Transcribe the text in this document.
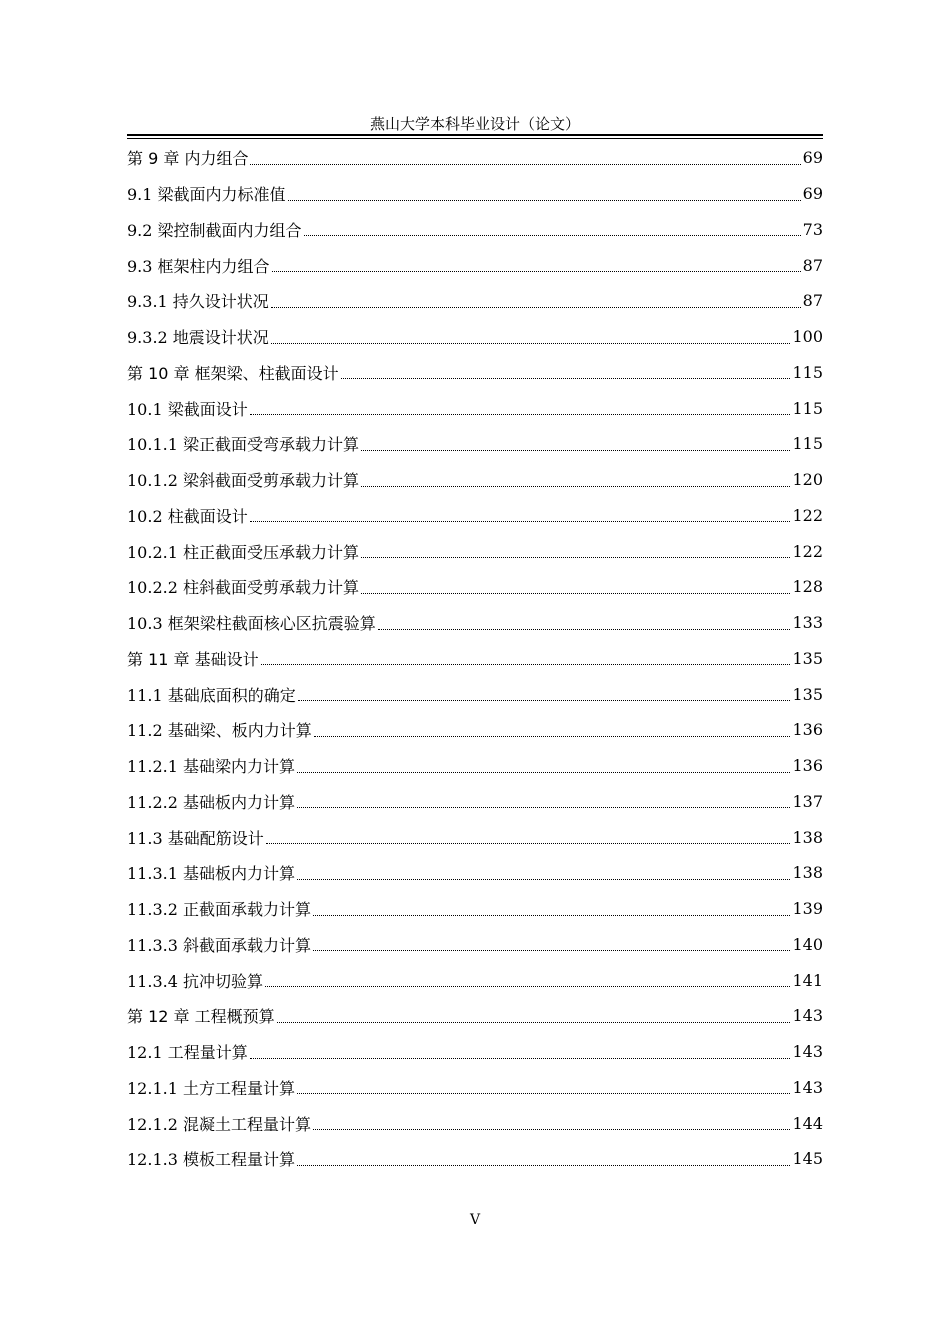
燕山大学本科毕业设计（论文）
第 9 章 内力组合	69
9.1 梁截面内力标准值	69
9.2 梁控制截面内力组合	73
9.3 框架柱内力组合	87
9.3.1 持久设计状况	87
9.3.2 地震设计状况	100
第 10 章 框架梁、柱截面设计	115
10.1 梁截面设计	115
10.1.1 梁正截面受弯承载力计算	115
10.1.2 梁斜截面受剪承载力计算	120
10.2 柱截面设计	122
10.2.1 柱正截面受压承载力计算	122
10.2.2 柱斜截面受剪承载力计算	128
10.3 框架梁柱截面核心区抗震验算	133
第 11 章 基础设计	135
11.1 基础底面积的确定	135
11.2 基础梁、板内力计算	136
11.2.1 基础梁内力计算	136
11.2.2 基础板内力计算	137
11.3 基础配筋设计	138
11.3.1 基础板内力计算	138
11.3.2 正截面承载力计算	139
11.3.3 斜截面承载力计算	140
11.3.4 抗冲切验算	141
第 12 章 工程概预算	143
12.1 工程量计算	143
12.1.1 土方工程量计算	143
12.1.2 混凝土工程量计算	144
12.1.3 模板工程量计算	145
V
